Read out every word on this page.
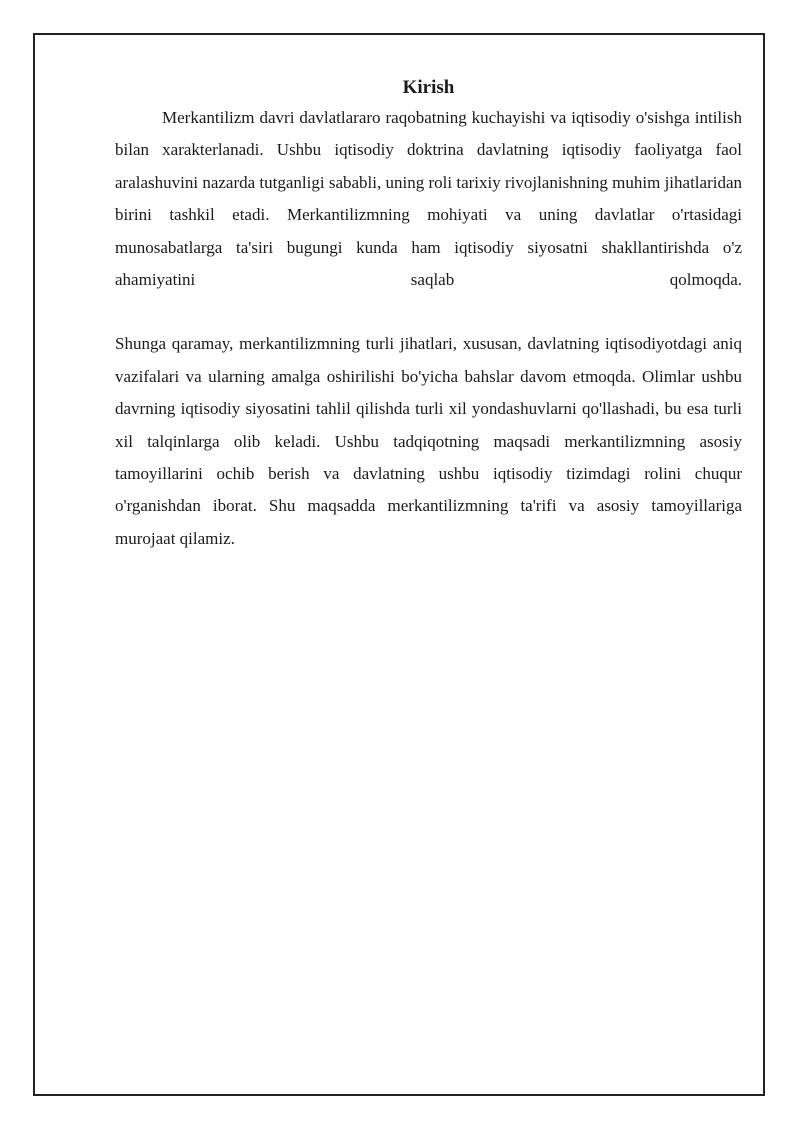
Kirish

Merkantilizm davri davlatlararo raqobatning kuchayishi va iqtisodiy o'sishga intilish bilan xarakterlanadi. Ushbu iqtisodiy doktrina davlatning iqtisodiy faoliyatga faol aralashuvini nazarda tutganligi sababli, uning roli tarixiy rivojlanishning muhim jihatlaridan birini tashkil etadi. Merkantilizmning mohiyati va uning davlatlar o'rtasidagi munosabatlarga ta'siri bugungi kunda ham iqtisodiy siyosatni shakllantirishda o'z ahamiyatini saqlab qolmoqda.

Shunga qaramay, merkantilizmning turli jihatlari, xususan, davlatning iqtisodiyotdagi aniq vazifalari va ularning amalga oshirilishi bo'yicha bahslar davom etmoqda. Olimlar ushbu davrning iqtisodiy siyosatini tahlil qilishda turli xil yondashuvlarni qo'llashadi, bu esa turli xil talqinlarga olib keladi. Ushbu tadqiqotning maqsadi merkantilizmning asosiy tamoyillarini ochib berish va davlatning ushbu iqtisodiy tizimdagi rolini chuqur o'rganishdan iborat. Shu maqsadda merkantilizmning ta'rifi va asosiy tamoyillariga murojaat qilamiz.
